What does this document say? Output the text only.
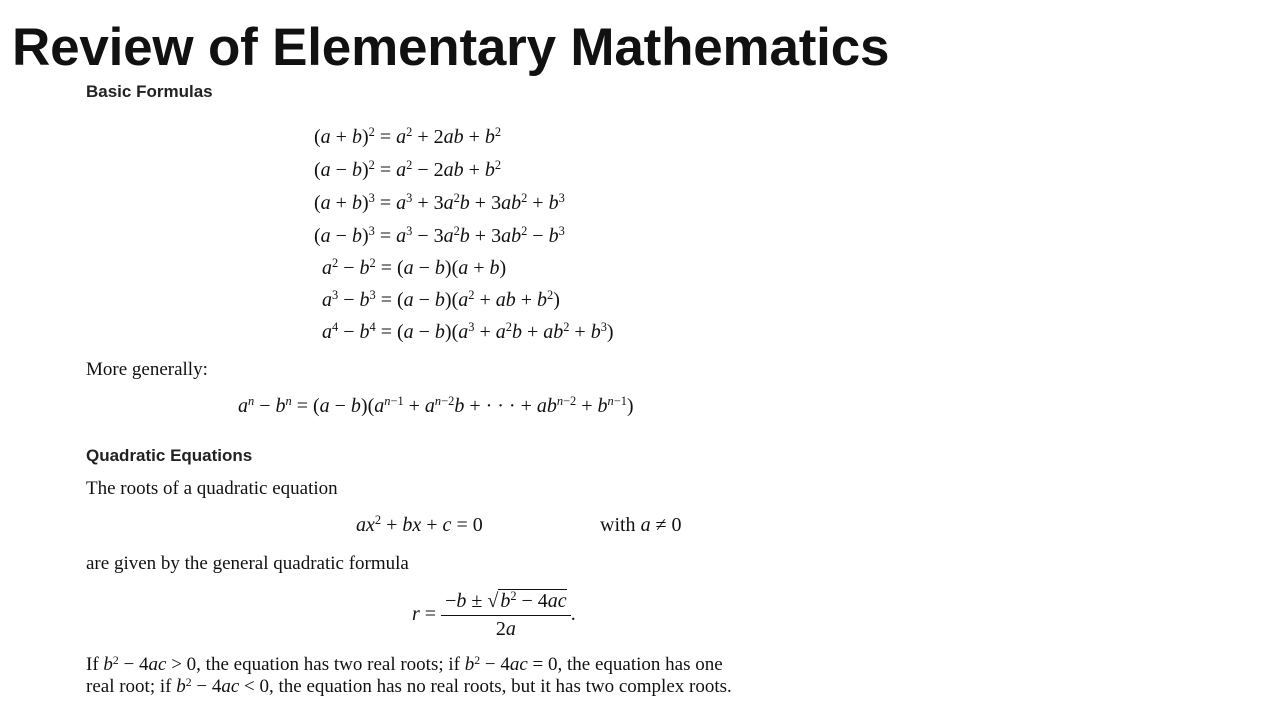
Review of Elementary Mathematics
Basic Formulas
$(a + b)^2 = a^2 + 2ab + b^2$
$(a - b)^2 = a^2 - 2ab + b^2$
$(a + b)^3 = a^3 + 3a^2b + 3ab^2 + b^3$
$(a - b)^3 = a^3 - 3a^2b + 3ab^2 - b^3$
$a^2 - b^2 = (a - b)(a + b)$
$a^3 - b^3 = (a - b)(a^2$ + ab + $b^2$)
$a^4 - b^4 = (a - b)(a^3 + a^2b + ab^2 + b^3)$
More generally:
$a^n - b^n = (a - b)(a^{n-1} + a^{n-2}b$ + · · · + $ab^{n-2} + b^{n-1}$)
Quadratic Equations
The roots of a quadratic equation
$ax^2$ + bx + c = 0	with a ≠ 0
are given by the general quadratic formula
$r = \frac{-b \pm √ b^2 - 4ac}{2a}$ .
If $b^2 - 4ac > 0$, the equation has two real roots; if $b^2 - 4ac = 0$, the equation has one
real root; if $b^2 - 4ac < 0$, the equation has no real roots, but it has two complex roots.
